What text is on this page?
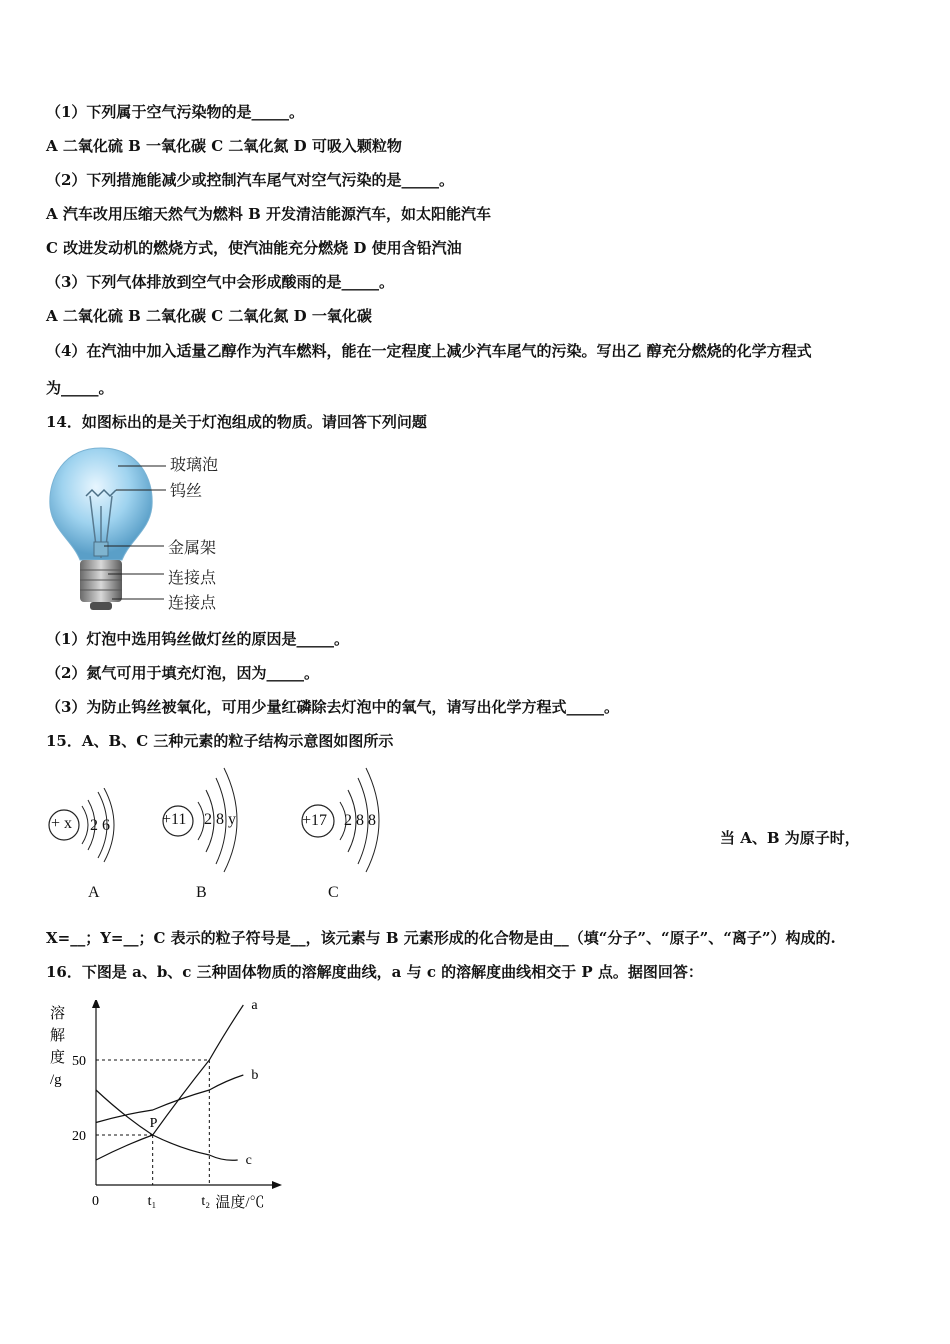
（1）下列属于空气污染物的是_____。
A 二氧化硫 B 一氧化碳 C 二氧化氮 D 可吸入颗粒物
（2）下列措施能减少或控制汽车尾气对空气污染的是_____。
A 汽车改用压缩天然气为燃料 B 开发清洁能源汽车，如太阳能汽车
C 改进发动机的燃烧方式，使汽油能充分燃烧 D 使用含铅汽油
（3）下列气体排放到空气中会形成酸雨的是_____。
A 二氧化硫 B 二氧化碳 C 二氧化氮 D 一氧化碳
（4）在汽油中加入适量乙醇作为汽车燃料，能在一定程度上减少汽车尾气的污染。写出乙 醇充分燃烧的化学方程式
为_____。
14．如图标出的是关于灯泡组成的物质。请回答下列问题
玻璃泡
钨丝
金属架
连接点
连接点
（1）灯泡中选用钨丝做灯丝的原因是_____。
（2）氮气可用于填充灯泡，因为_____。
（3）为防止钨丝被氧化，可用少量红磷除去灯泡中的氧气，请写出化学方程式_____。
15．A、B、C 三种元素的粒子结构示意图如图所示
+ x 2 6
A
+11 2 8 y
B
+17 2 8 8
C
当 A、B 为原子时，
X=__；Y=__；C 表示的粒子符号是__，该元素与 B 元素形成的化合物是由__（填“分子”、“原子”、“离子”）构成的.
16．下图是 a、b、c 三种固体物质的溶解度曲线，a 与 c 的溶解度曲线相交于 P 点。据图回答：
a
b
c
20
50
0	t₁	t₂ 温度/℃
P
溶
解
度
/g
